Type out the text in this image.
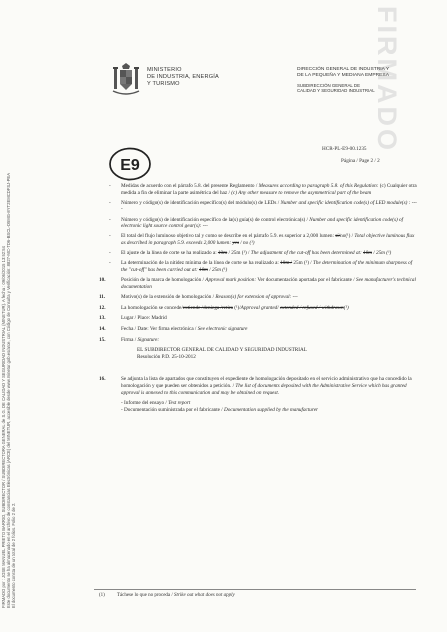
FIRMADO por : JOSE MANUEL PRIETO BARRIO, SUBDIRECTOR / SUBDIRECTORA GENERAL de S.G. DE CALIDAD Y SEGURIDAD INDUSTRIAL (MINETUR). A fecha : 09/06/2015 13:52:54 Este documento se ha almacenado en el archivo de constancias Electrónicas (ARCE) del MINETUR, accesible desde www.minetur.gob.es/arce, con Código de Consulta y Verificación: 8827-MC-TD6-BSCL-D5MG-8YT2EMCDFSJ-PEA El documento consta de un total de 2 folios. Folio 2 de 2.
FIRMADO
MINISTERIO
DE INDUSTRIA, ENERGÍA
Y TURISMO
DIRECCIÓN GENERAL DE INDUSTRIA Y
DE LA PEQUEÑA Y MEDIANA EMPRESA
SUBDIRECCIÓN GENERAL DE
CALIDAD Y SEGURIDAD INDUSTRIAL
E9
HCR-PL-E9-00.1235
Página / Page 2 / 2
- Medidas de acuerdo con el párrafo 5.8. del presente Reglamento / Measures according to paragraph 5.8. of this Regulation: (c) Cualquier otra medida a fin de eliminar la parte asimétrica del haz / (c) Any other measure to remove the asymmetrical part of the beam
- Número y código(s) de identificación específico(s) del módulo(s) de LEDs / Number and specific identification code(s) of LED module(s) : ----
- Número y código(s) de identificación específico de la(s) guía(s) de control electrónica(s) / Number and specific identification code(s) of electronic light source control gear(s): ---
- El total del flujo luminoso objetivo tal y como se describe en el párrafo 5.9. es superior a 2,000 lumen: sí/no(¹) / Total objective luminous flux as described in paragraph 5.9. exceeds 2,000 lumen: yes / no (¹)
- El ajuste de la línea de corte se ha realizado a: 10m / 25m (¹) / The adjustment of the cut-off has been determined at: 10m / 25m (¹)
- La determinación de la nitidez mínima de la línea de corte se ha realizado a: 10m / 25m (¹) / The determination of the minimum sharpness of the "cut-off" has been carried out at: 10m / 25m (¹)
10.	Posición de la marca de homologación / Approval mark position: Ver documentación aportada por el fabricante / See manufacturer's technical documentation
11.	Motivo(s) de la extensión de homologación / Reason(s) for extension of approval: ---
12.	La homologación se concede/extiende /deniega /retira (¹)/Approval granted/ extended / refused / withdrawn(¹)
13.	Lugar / Place: Madrid
14.	Fecha / Date: Ver firma electrónica / See electronic signature
15.	Firma / Signature:
EL SUBDIRECTOR GENERAL DE CALIDAD Y SEGURIDAD INDUSTRIAL
Resolución P.D. 25-10-2012
16.	Se adjunta la lista de apartados que constituyen el expediente de homologación depositado en el servicio administrativo que ha concedido la homologación y que pueden ser obtenidos a petición. / The list of documents deposited with the Administrative Service which has granted approval is annexed to this communication and may be obtained on request.
- Informe del ensayo / Test report
- Documentación suministrada por el fabricante / Documentation supplied by the manufacturer
(1) Táchese lo que no proceda / Strike out what does not apply
